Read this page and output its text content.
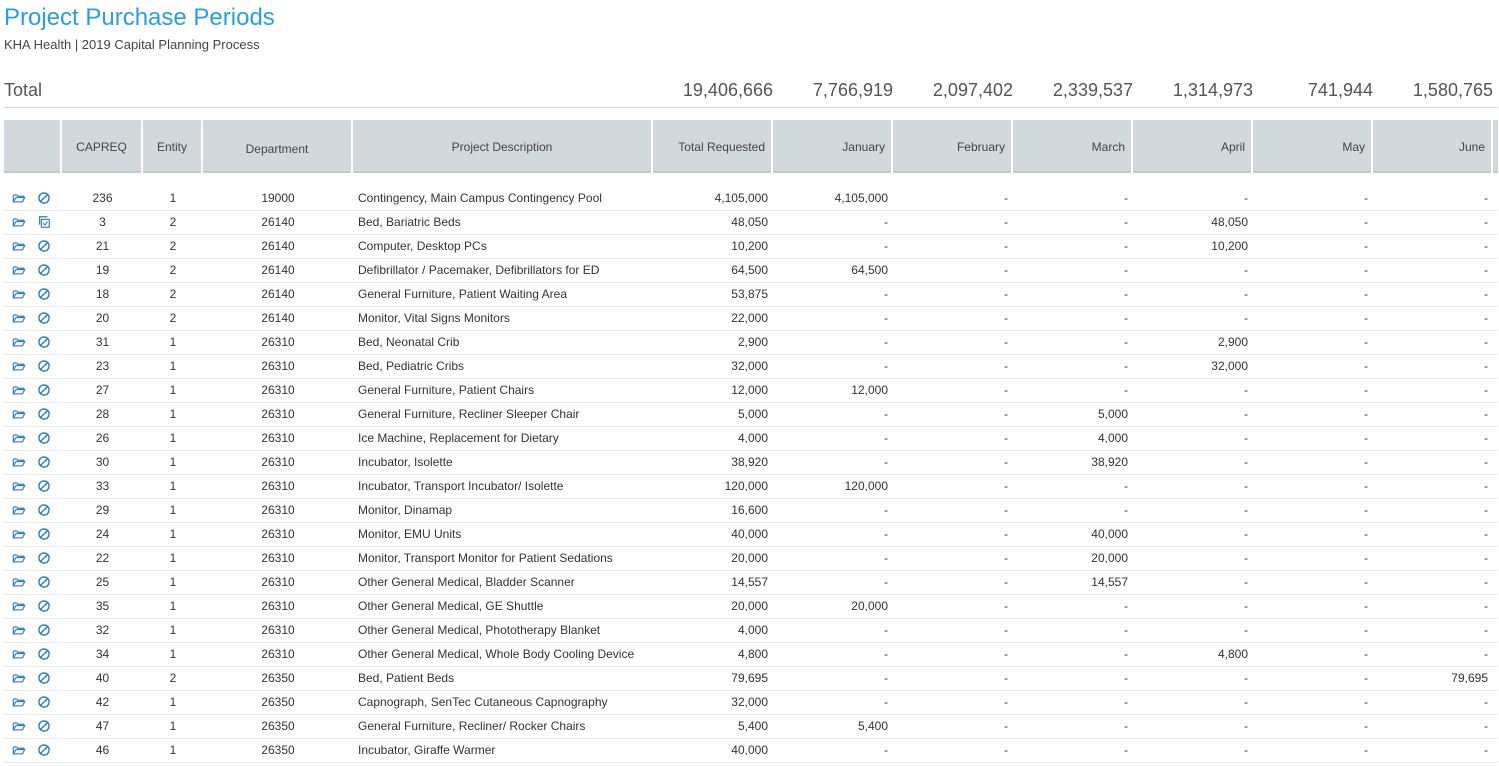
Project Purchase Periods
KHA Health | 2019 Capital Planning Process
Total	19,406,666	7,766,919	2,097,402	2,339,537	1,314,973	741,944	1,580,765
CAPREQ	Entity	Department	Project Description	Total Requested	January	February	March	April	May	June
236	1	19000	Contingency, Main Campus Contingency Pool	4,105,000	4,105,000	-	-	-	-	-
3	2	26140	Bed, Bariatric Beds	48,050	-	-	-	48,050	-	-
21	2	26140	Computer, Desktop PCs	10,200	-	-	-	10,200	-	-
19	2	26140	Defibrillator / Pacemaker, Defibrillators for ED	64,500	64,500	-	-	-	-	-
18	2	26140	General Furniture, Patient Waiting Area	53,875	-	-	-	-	-	-
20	2	26140	Monitor, Vital Signs Monitors	22,000	-	-	-	-	-	-
31	1	26310	Bed, Neonatal Crib	2,900	-	-	-	2,900	-	-
23	1	26310	Bed, Pediatric Cribs	32,000	-	-	-	32,000	-	-
27	1	26310	General Furniture, Patient Chairs	12,000	12,000	-	-	-	-	-
28	1	26310	General Furniture, Recliner Sleeper Chair	5,000	-	-	5,000	-	-	-
26	1	26310	Ice Machine, Replacement for Dietary	4,000	-	-	4,000	-	-	-
30	1	26310	Incubator, Isolette	38,920	-	-	38,920	-	-	-
33	1	26310	Incubator, Transport Incubator/ Isolette	120,000	120,000	-	-	-	-	-
29	1	26310	Monitor, Dinamap	16,600	-	-	-	-	-	-
24	1	26310	Monitor, EMU Units	40,000	-	-	40,000	-	-	-
22	1	26310	Monitor, Transport Monitor for Patient Sedations	20,000	-	-	20,000	-	-	-
25	1	26310	Other General Medical, Bladder Scanner	14,557	-	-	14,557	-	-	-
35	1	26310	Other General Medical, GE Shuttle	20,000	20,000	-	-	-	-	-
32	1	26310	Other General Medical, Phototherapy Blanket	4,000	-	-	-	-	-	-
34	1	26310	Other General Medical, Whole Body Cooling Device	4,800	-	-	-	4,800	-	-
40	2	26350	Bed, Patient Beds	79,695	-	-	-	-	-	79,695
42	1	26350	Capnograph, SenTec Cutaneous Capnography	32,000	-	-	-	-	-	-
47	1	26350	General Furniture, Recliner/ Rocker Chairs	5,400	5,400	-	-	-	-	-
46	1	26350	Incubator, Giraffe Warmer	40,000	-	-	-	-	-	-
